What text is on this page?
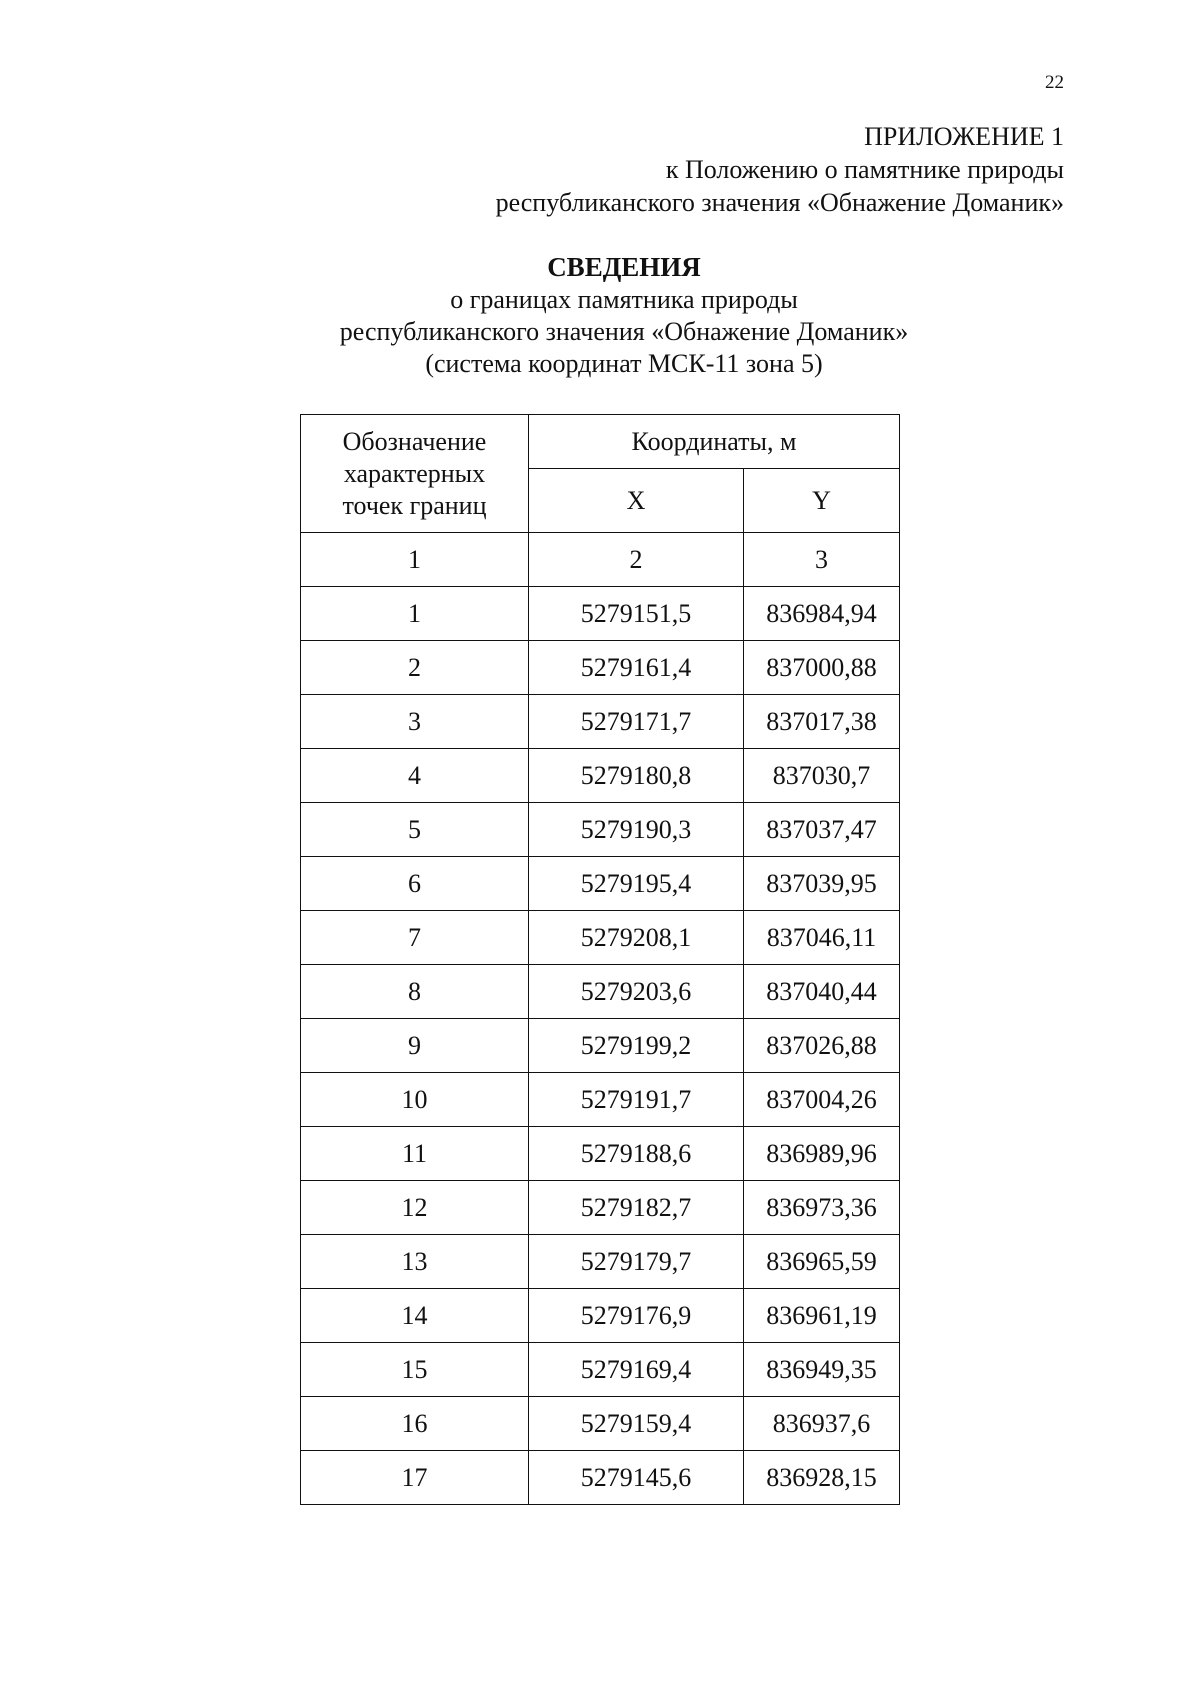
22
ПРИЛОЖЕНИЕ 1
к Положению о памятнике природы
республиканского значения «Обнажение Доманик»
СВЕДЕНИЯ
о границах памятника природы
республиканского значения «Обнажение Доманик»
(система координат МСК-11 зона 5)
Обозначение
характерных
точек границ	Координаты, м	
	X	Y
1	2	3
1	5279151,5	836984,94
2	5279161,4	837000,88
3	5279171,7	837017,38
4	5279180,8	837030,7
5	5279190,3	837037,47
6	5279195,4	837039,95
7	5279208,1	837046,11
8	5279203,6	837040,44
9	5279199,2	837026,88
10	5279191,7	837004,26
11	5279188,6	836989,96
12	5279182,7	836973,36
13	5279179,7	836965,59
14	5279176,9	836961,19
15	5279169,4	836949,35
16	5279159,4	836937,6
17	5279145,6	836928,15
